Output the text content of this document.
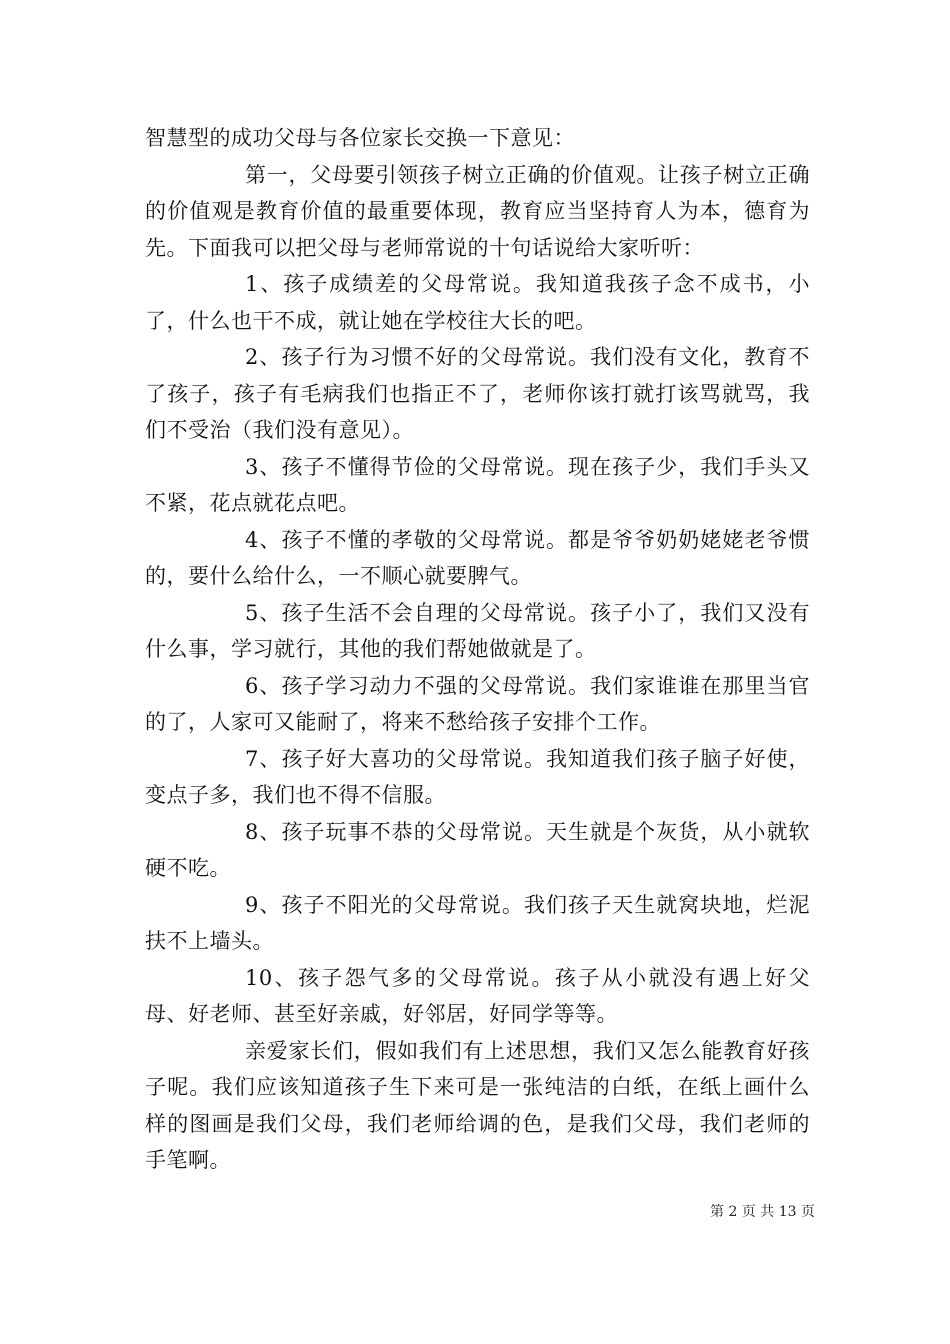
智慧型的成功父母与各位家长交换一下意见：

第一，父母要引领孩子树立正确的价值观。让孩子树立正确的价值观是教育价值的最重要体现，教育应当坚持育人为本，德育为先。下面我可以把父母与老师常说的十句话说给大家听听：

1、孩子成绩差的父母常说。我知道我孩子念不成书，小了，什么也干不成，就让她在学校往大长的吧。

2、孩子行为习惯不好的父母常说。我们没有文化，教育不了孩子，孩子有毛病我们也指正不了，老师你该打就打该骂就骂，我们不受治（我们没有意见）。

3、孩子不懂得节俭的父母常说。现在孩子少，我们手头又不紧，花点就花点吧。

4、孩子不懂的孝敬的父母常说。都是爷爷奶奶姥姥老爷惯的，要什么给什么，一不顺心就要脾气。

5、孩子生活不会自理的父母常说。孩子小了，我们又没有什么事，学习就行，其他的我们帮她做就是了。

6、孩子学习动力不强的父母常说。我们家谁谁在那里当官的了，人家可又能耐了，将来不愁给孩子安排个工作。

7、孩子好大喜功的父母常说。我知道我们孩子脑子好使，变点子多，我们也不得不信服。

8、孩子玩事不恭的父母常说。天生就是个灰货，从小就软硬不吃。

9、孩子不阳光的父母常说。我们孩子天生就窝块地，烂泥扶不上墙头。

10、孩子怨气多的父母常说。孩子从小就没有遇上好父母、好老师、甚至好亲戚，好邻居，好同学等等。

亲爱家长们，假如我们有上述思想，我们又怎么能教育好孩子呢。我们应该知道孩子生下来可是一张纯洁的白纸，在纸上画什么样的图画是我们父母，我们老师给调的色，是我们父母，我们老师的手笔啊。

第 2 页 共 13 页
